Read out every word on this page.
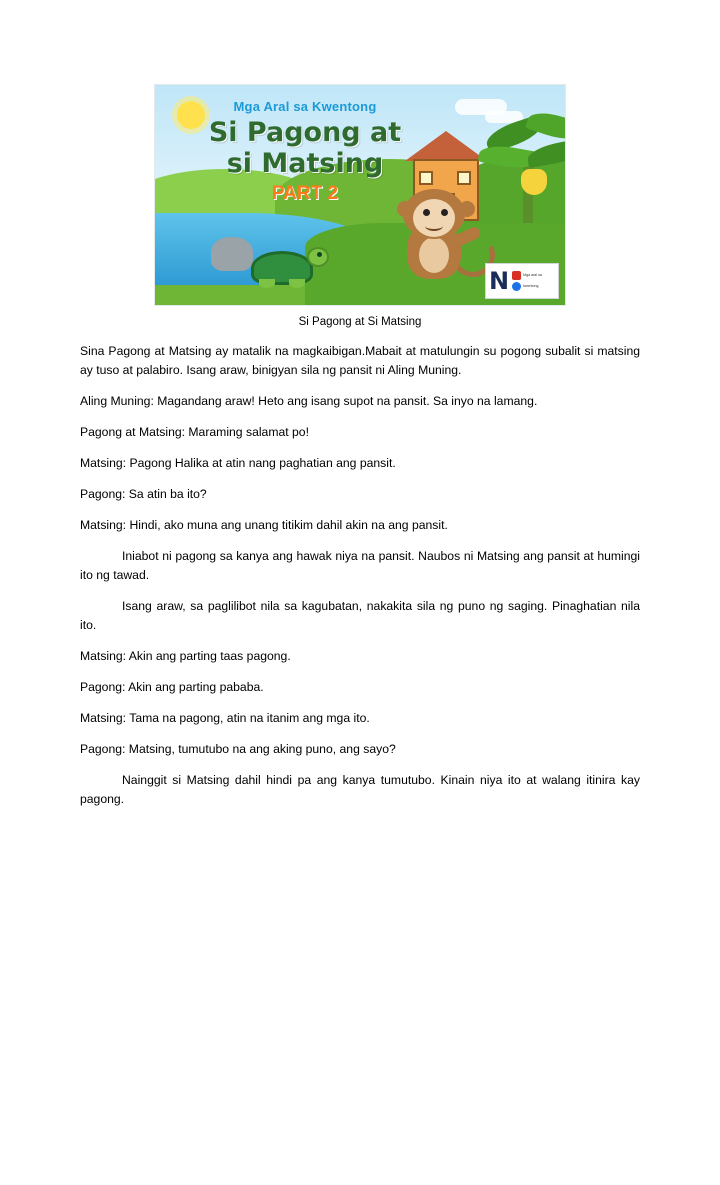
Mga Aral sa Kwentong
Si Pagong at
si Matsing
PART 2
N	Mga aral sa
kwentong
Si Pagong at Si Matsing

Sina Pagong at Matsing ay matalik na magkaibigan.Mabait at matulungin su pogong subalit si matsing ay tuso at palabiro. Isang araw, binigyan sila ng pansit ni Aling Muning.

Aling Muning: Magandang araw! Heto ang isang supot na pansit. Sa inyo na lamang.

Pagong at Matsing: Maraming salamat po!

Matsing: Pagong Halika at atin nang paghatian ang pansit.

Pagong: Sa atin ba ito?

Matsing: Hindi, ako muna ang unang titikim dahil akin na ang pansit.

Iniabot ni pagong sa kanya ang hawak niya na pansit. Naubos ni Matsing ang pansit at humingi ito ng tawad.

Isang araw, sa paglilibot nila sa kagubatan, nakakita sila ng puno ng saging. Pinaghatian nila ito.

Matsing: Akin ang parting taas pagong.

Pagong: Akin ang parting pababa.

Matsing: Tama na pagong, atin na itanim ang mga ito.

Pagong: Matsing, tumutubo na ang aking puno, ang sayo?

Nainggit si Matsing dahil hindi pa ang kanya tumutubo. Kinain niya ito at walang itinira kay pagong.
